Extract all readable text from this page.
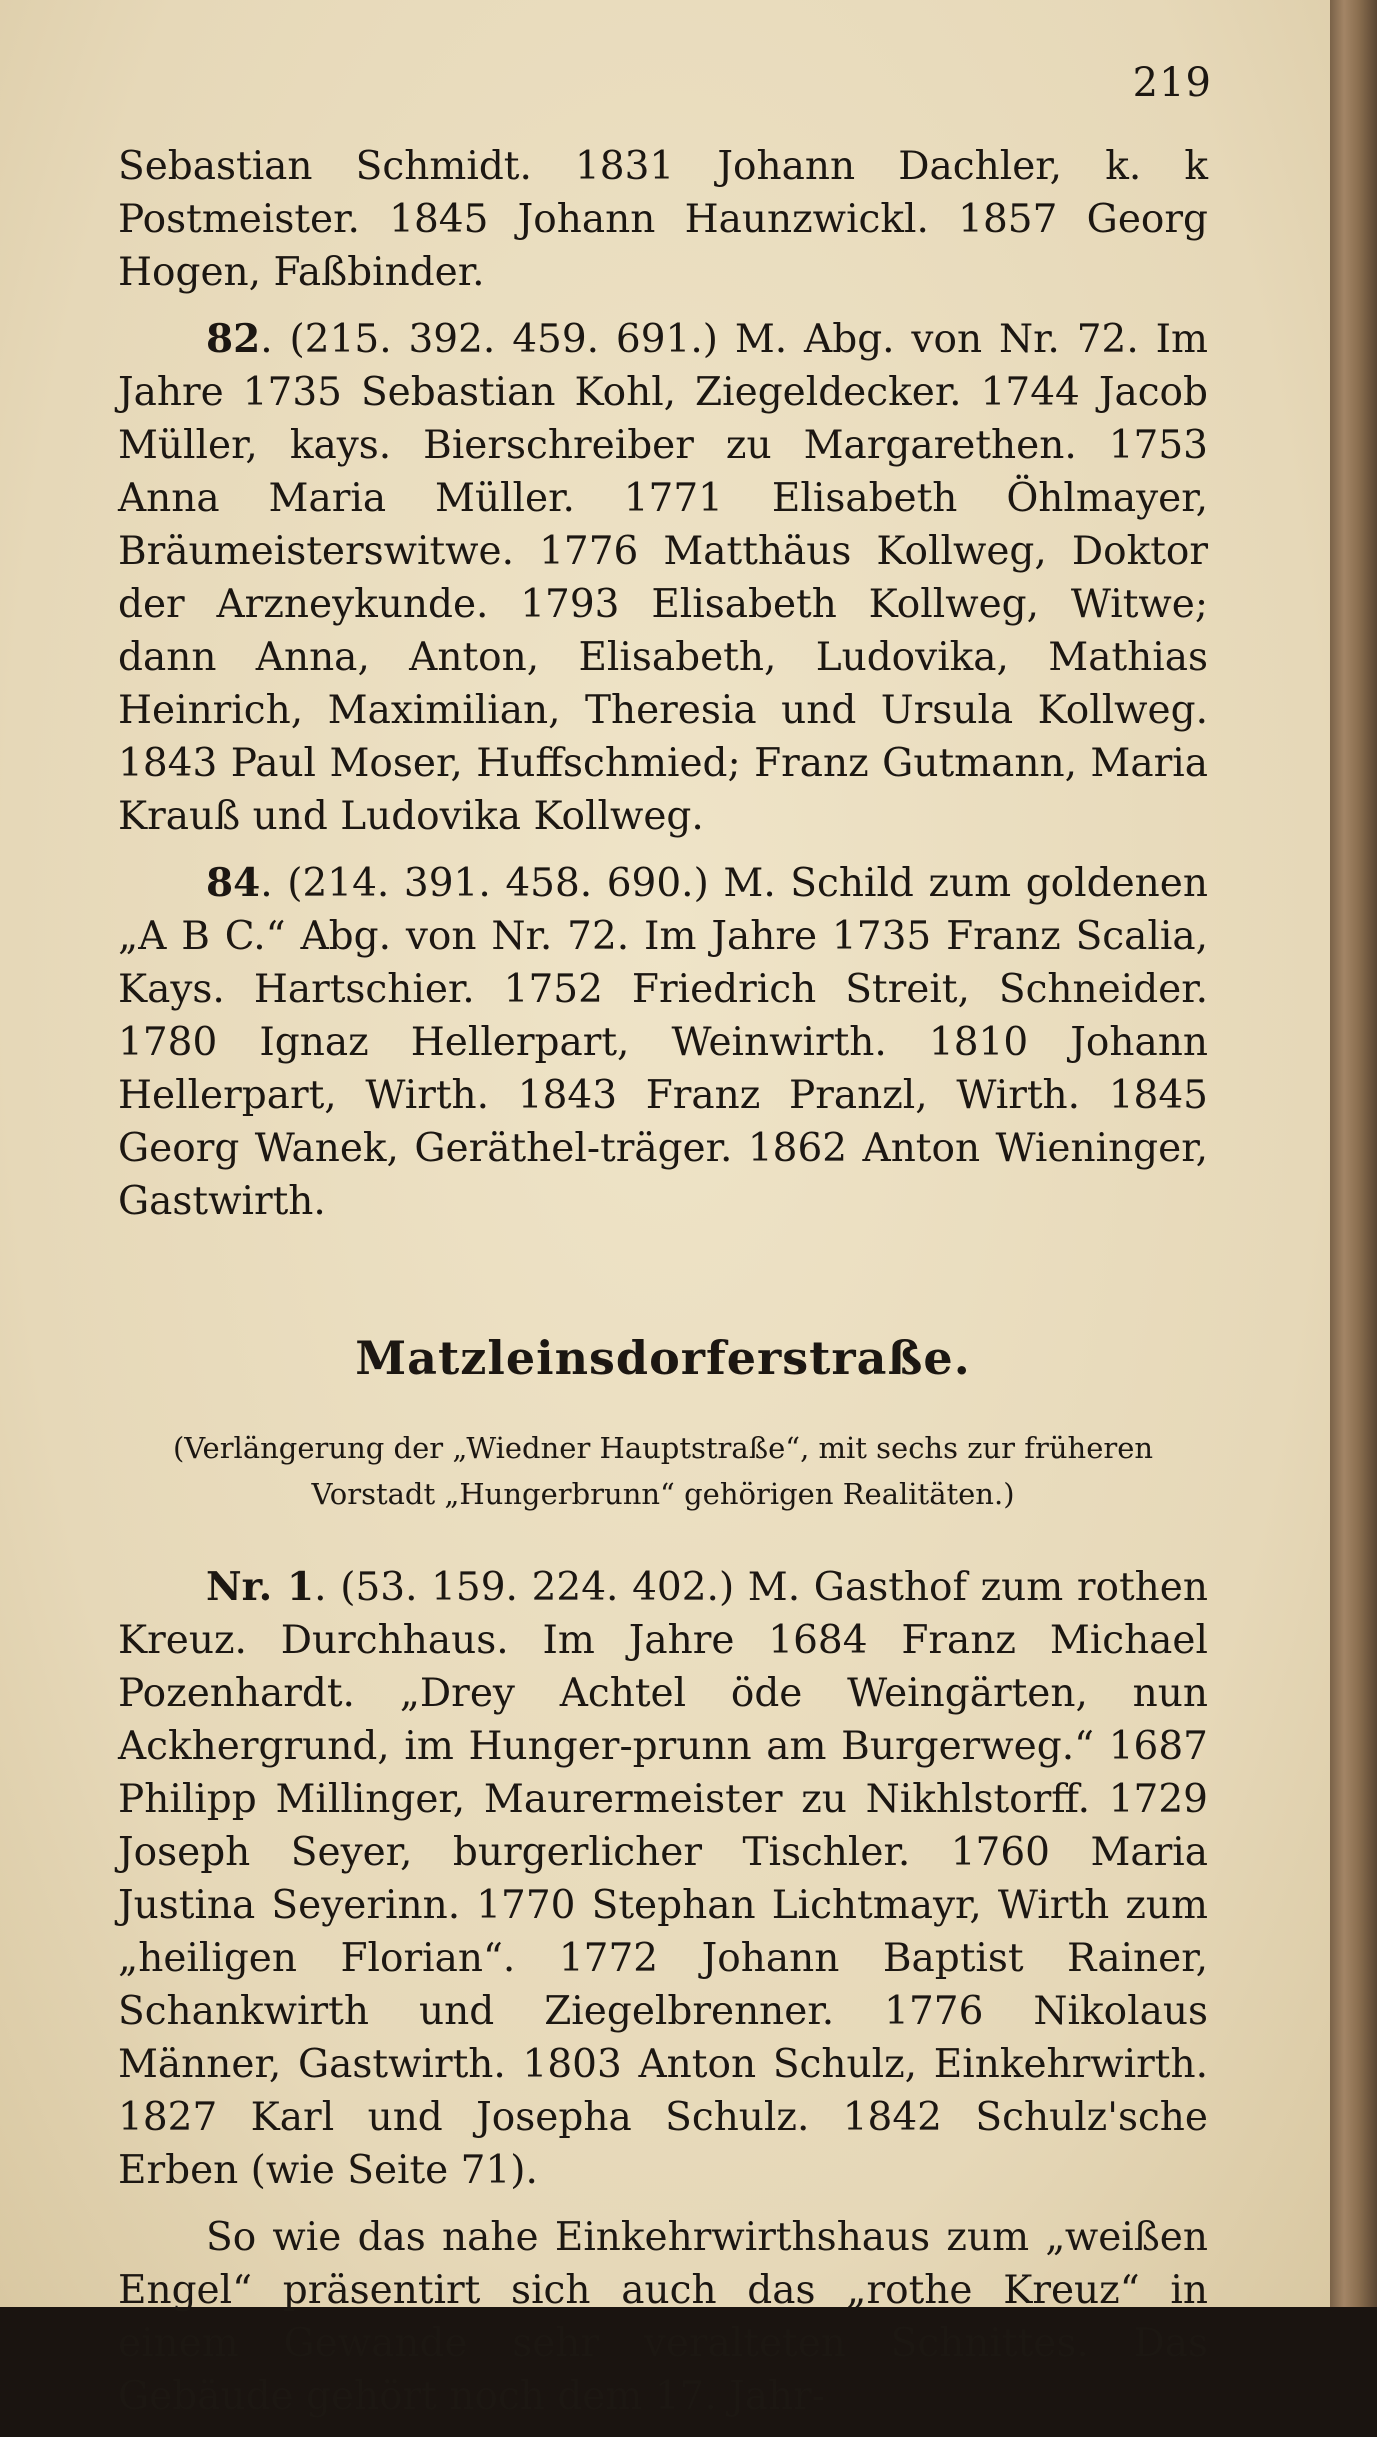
219

Sebastian Schmidt. 1831 Johann Dachler, k. k Postmeister. 1845 Johann Haunzwickl. 1857 Georg Hogen, Faßbinder.

82. (215. 392. 459. 691.) M. Abg. von Nr. 72. Im Jahre 1735 Sebastian Kohl, Ziegeldecker. 1744 Jacob Müller, kays. Bierschreiber zu Margarethen. 1753 Anna Maria Müller. 1771 Elisabeth Öhlmayer, Bräumeisterswitwe. 1776 Matthäus Kollweg, Doktor der Arzneykunde. 1793 Elisabeth Kollweg, Witwe; dann Anna, Anton, Elisabeth, Ludovika, Mathias Heinrich, Maximilian, Theresia und Ursula Kollweg. 1843 Paul Moser, Huffschmied; Franz Gutmann, Maria Krauß und Ludovika Kollweg.

84. (214. 391. 458. 690.) M. Schild zum goldenen „A B C.“ Abg. von Nr. 72. Im Jahre 1735 Franz Scalia, Kays. Hartschier. 1752 Friedrich Streit, Schneider. 1780 Ignaz Hellerpart, Weinwirth. 1810 Johann Hellerpart, Wirth. 1843 Franz Pranzl, Wirth. 1845 Georg Wanek, Geräthel-träger. 1862 Anton Wieninger, Gastwirth.

Matzleinsdorferstraße.
(Verlängerung der „Wiedner Hauptstraße“, mit sechs zur früheren Vorstadt „Hungerbrunn“ gehörigen Realitäten.)

Nr. 1. (53. 159. 224. 402.) M. Gasthof zum rothen Kreuz. Durchhaus. Im Jahre 1684 Franz Michael Pozenhardt. „Drey Achtel öde Weingärten, nun Ackhergrund, im Hunger-prunn am Burgerweg.“ 1687 Philipp Millinger, Maurermeister zu Nikhlstorff. 1729 Joseph Seyer, burgerlicher Tischler. 1760 Maria Justina Seyerinn. 1770 Stephan Lichtmayr, Wirth zum „heiligen Florian“. 1772 Johann Baptist Rainer, Schankwirth und Ziegelbrenner. 1776 Nikolaus Männer, Gastwirth. 1803 Anton Schulz, Einkehrwirth. 1827 Karl und Josepha Schulz. 1842 Schulz'sche Erben (wie Seite 71).

So wie das nahe Einkehrwirthshaus zum „weißen Engel“ präsentirt sich auch das „rothe Kreuz“ in einem Gewande sehr veralteten Schnittes. Das Gebäude gehört noch dem 17. Jahr-
